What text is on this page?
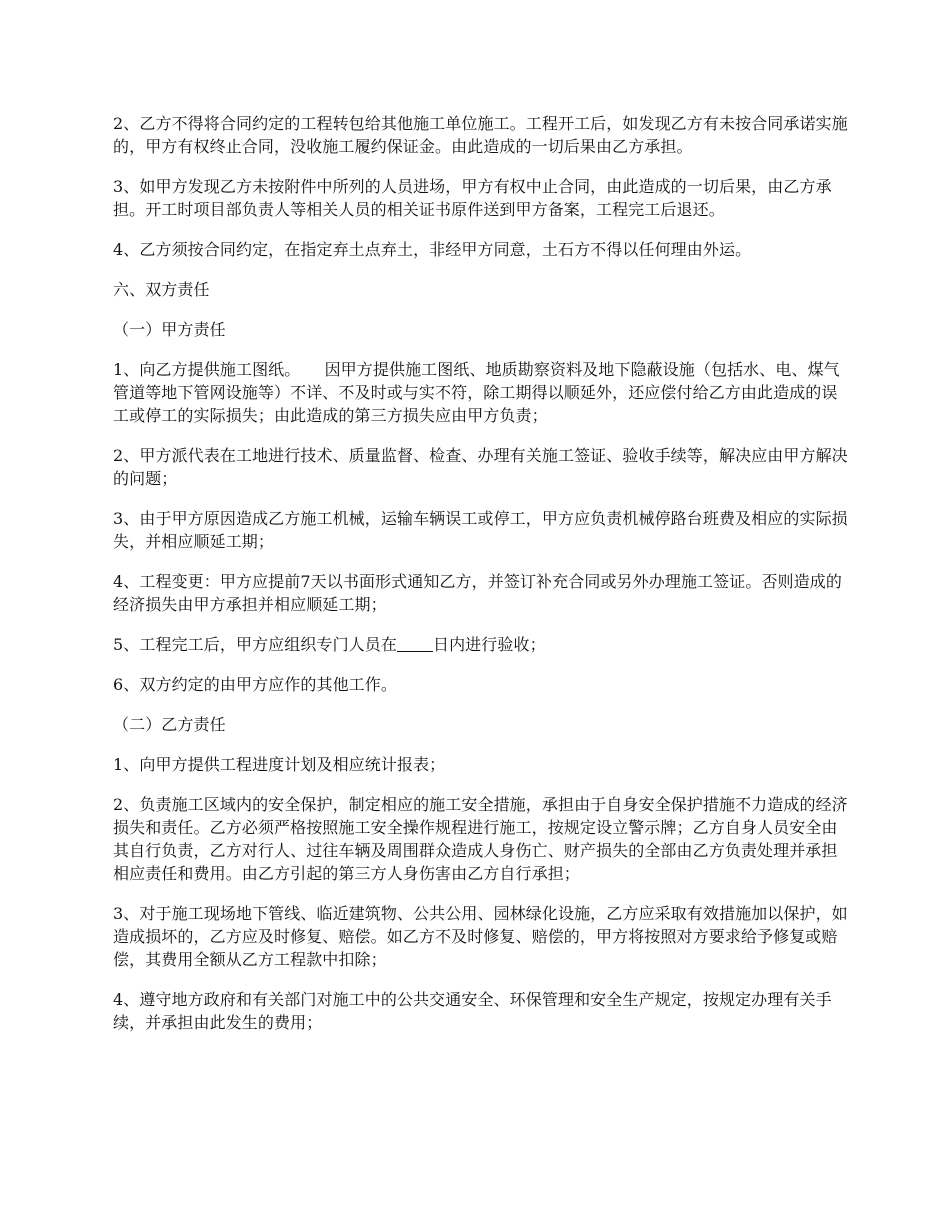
2、乙方不得将合同约定的工程转包给其他施工单位施工。工程开工后，如发现乙方有未按合同承诺实施的，甲方有权终止合同，没收施工履约保证金。由此造成的一切后果由乙方承担。

3、如甲方发现乙方未按附件中所列的人员进场，甲方有权中止合同，由此造成的一切后果，由乙方承担。开工时项目部负责人等相关人员的相关证书原件送到甲方备案，工程完工后退还。

4、乙方须按合同约定，在指定弃土点弃土，非经甲方同意，土石方不得以任何理由外运。

六、双方责任

（一）甲方责任

1、向乙方提供施工图纸。　　因甲方提供施工图纸、地质勘察资料及地下隐蔽设施（包括水、电、煤气管道等地下管网设施等）不详、不及时或与实不符，除工期得以顺延外，还应偿付给乙方由此造成的误工或停工的实际损失；由此造成的第三方损失应由甲方负责；

2、甲方派代表在工地进行技术、质量监督、检查、办理有关施工签证、验收手续等，解决应由甲方解决的问题；

3、由于甲方原因造成乙方施工机械，运输车辆误工或停工，甲方应负责机械停路台班费及相应的实际损失，并相应顺延工期；

4、工程变更：甲方应提前7天以书面形式通知乙方，并签订补充合同或另外办理施工签证。否则造成的经济损失由甲方承担并相应顺延工期；

5、工程完工后，甲方应组织专门人员在 日内进行验收；

6、双方约定的由甲方应作的其他工作。

（二）乙方责任

1、向甲方提供工程进度计划及相应统计报表；

2、负责施工区域内的安全保护，制定相应的施工安全措施，承担由于自身安全保护措施不力造成的经济损失和责任。乙方必须严格按照施工安全操作规程进行施工，按规定设立警示牌；乙方自身人员安全由其自行负责，乙方对行人、过往车辆及周围群众造成人身伤亡、财产损失的全部由乙方负责处理并承担相应责任和费用。由乙方引起的第三方人身伤害由乙方自行承担；

3、对于施工现场地下管线、临近建筑物、公共公用、园林绿化设施，乙方应采取有效措施加以保护，如造成损坏的，乙方应及时修复、赔偿。如乙方不及时修复、赔偿的，甲方将按照对方要求给予修复或赔偿，其费用全额从乙方工程款中扣除；

4、遵守地方政府和有关部门对施工中的公共交通安全、环保管理和安全生产规定，按规定办理有关手续，并承担由此发生的费用；
